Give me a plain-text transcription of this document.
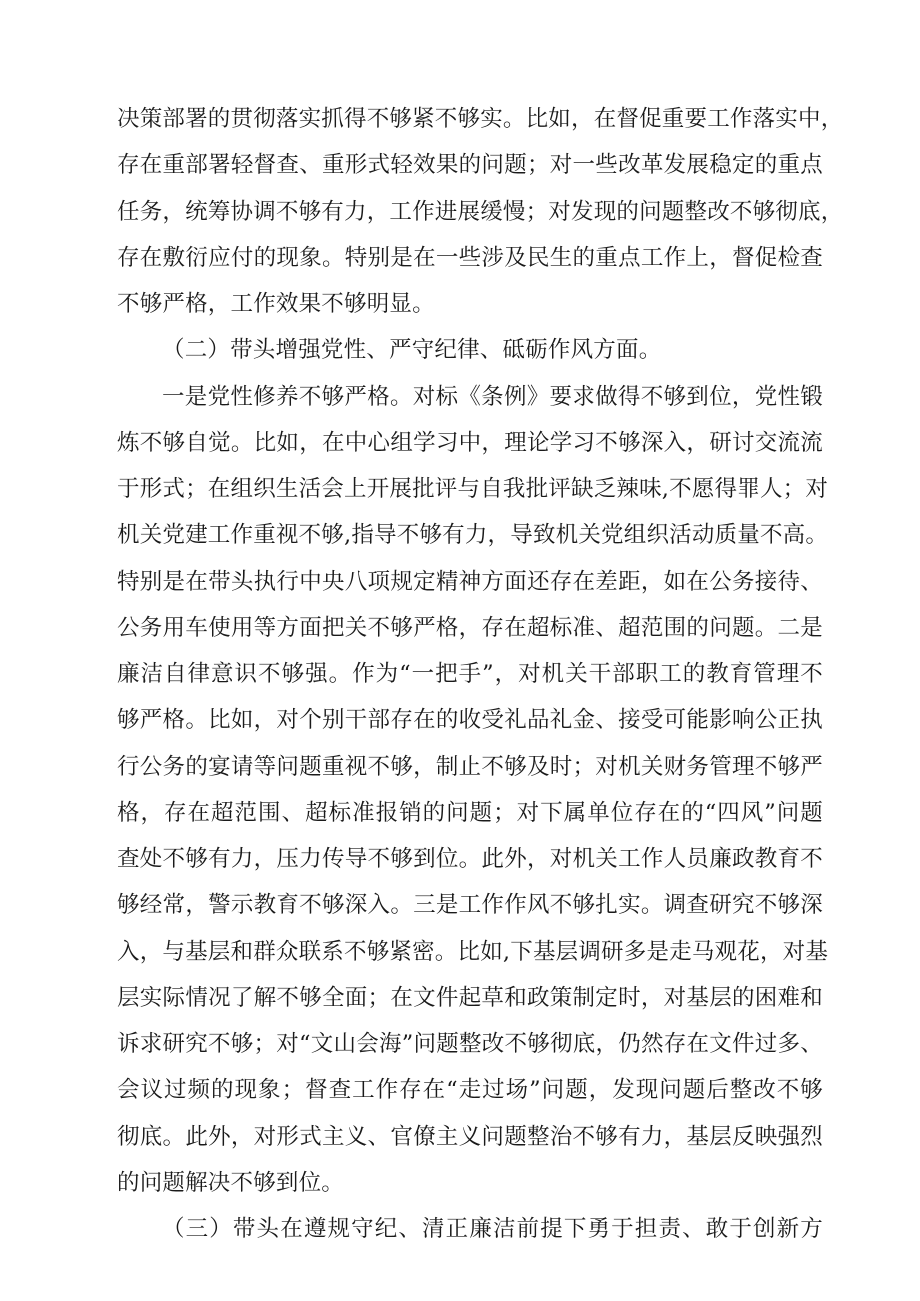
决策部署的贯彻落实抓得不够紧不够实。比如，在督促重要工作落实中，
存在重部署轻督查、重形式轻效果的问题；对一些改革发展稳定的重点
任务，统筹协调不够有力，工作进展缓慢；对发现的问题整改不够彻底，
存在敷衍应付的现象。特别是在一些涉及民生的重点工作上，督促检查
不够严格，工作效果不够明显。
（二）带头增强党性、严守纪律、砥砺作风方面。
一是党性修养不够严格。对标《条例》要求做得不够到位，党性锻
炼不够自觉。比如，在中心组学习中，理论学习不够深入，研讨交流流
于形式；在组织生活会上开展批评与自我批评缺乏辣味,不愿得罪人；对
机关党建工作重视不够,指导不够有力，导致机关党组织活动质量不高。
特别是在带头执行中央八项规定精神方面还存在差距，如在公务接待、
公务用车使用等方面把关不够严格，存在超标准、超范围的问题。二是
廉洁自律意识不够强。作为“一把手”，对机关干部职工的教育管理不
够严格。比如，对个别干部存在的收受礼品礼金、接受可能影响公正执
行公务的宴请等问题重视不够，制止不够及时；对机关财务管理不够严
格，存在超范围、超标准报销的问题；对下属单位存在的“四风”问题
查处不够有力，压力传导不够到位。此外，对机关工作人员廉政教育不
够经常，警示教育不够深入。三是工作作风不够扎实。调查研究不够深
入，与基层和群众联系不够紧密。比如,下基层调研多是走马观花，对基
层实际情况了解不够全面；在文件起草和政策制定时，对基层的困难和
诉求研究不够；对“文山会海”问题整改不够彻底，仍然存在文件过多、
会议过频的现象；督查工作存在“走过场”问题，发现问题后整改不够
彻底。此外，对形式主义、官僚主义问题整治不够有力，基层反映强烈
的问题解决不够到位。
（三）带头在遵规守纪、清正廉洁前提下勇于担责、敢于创新方
